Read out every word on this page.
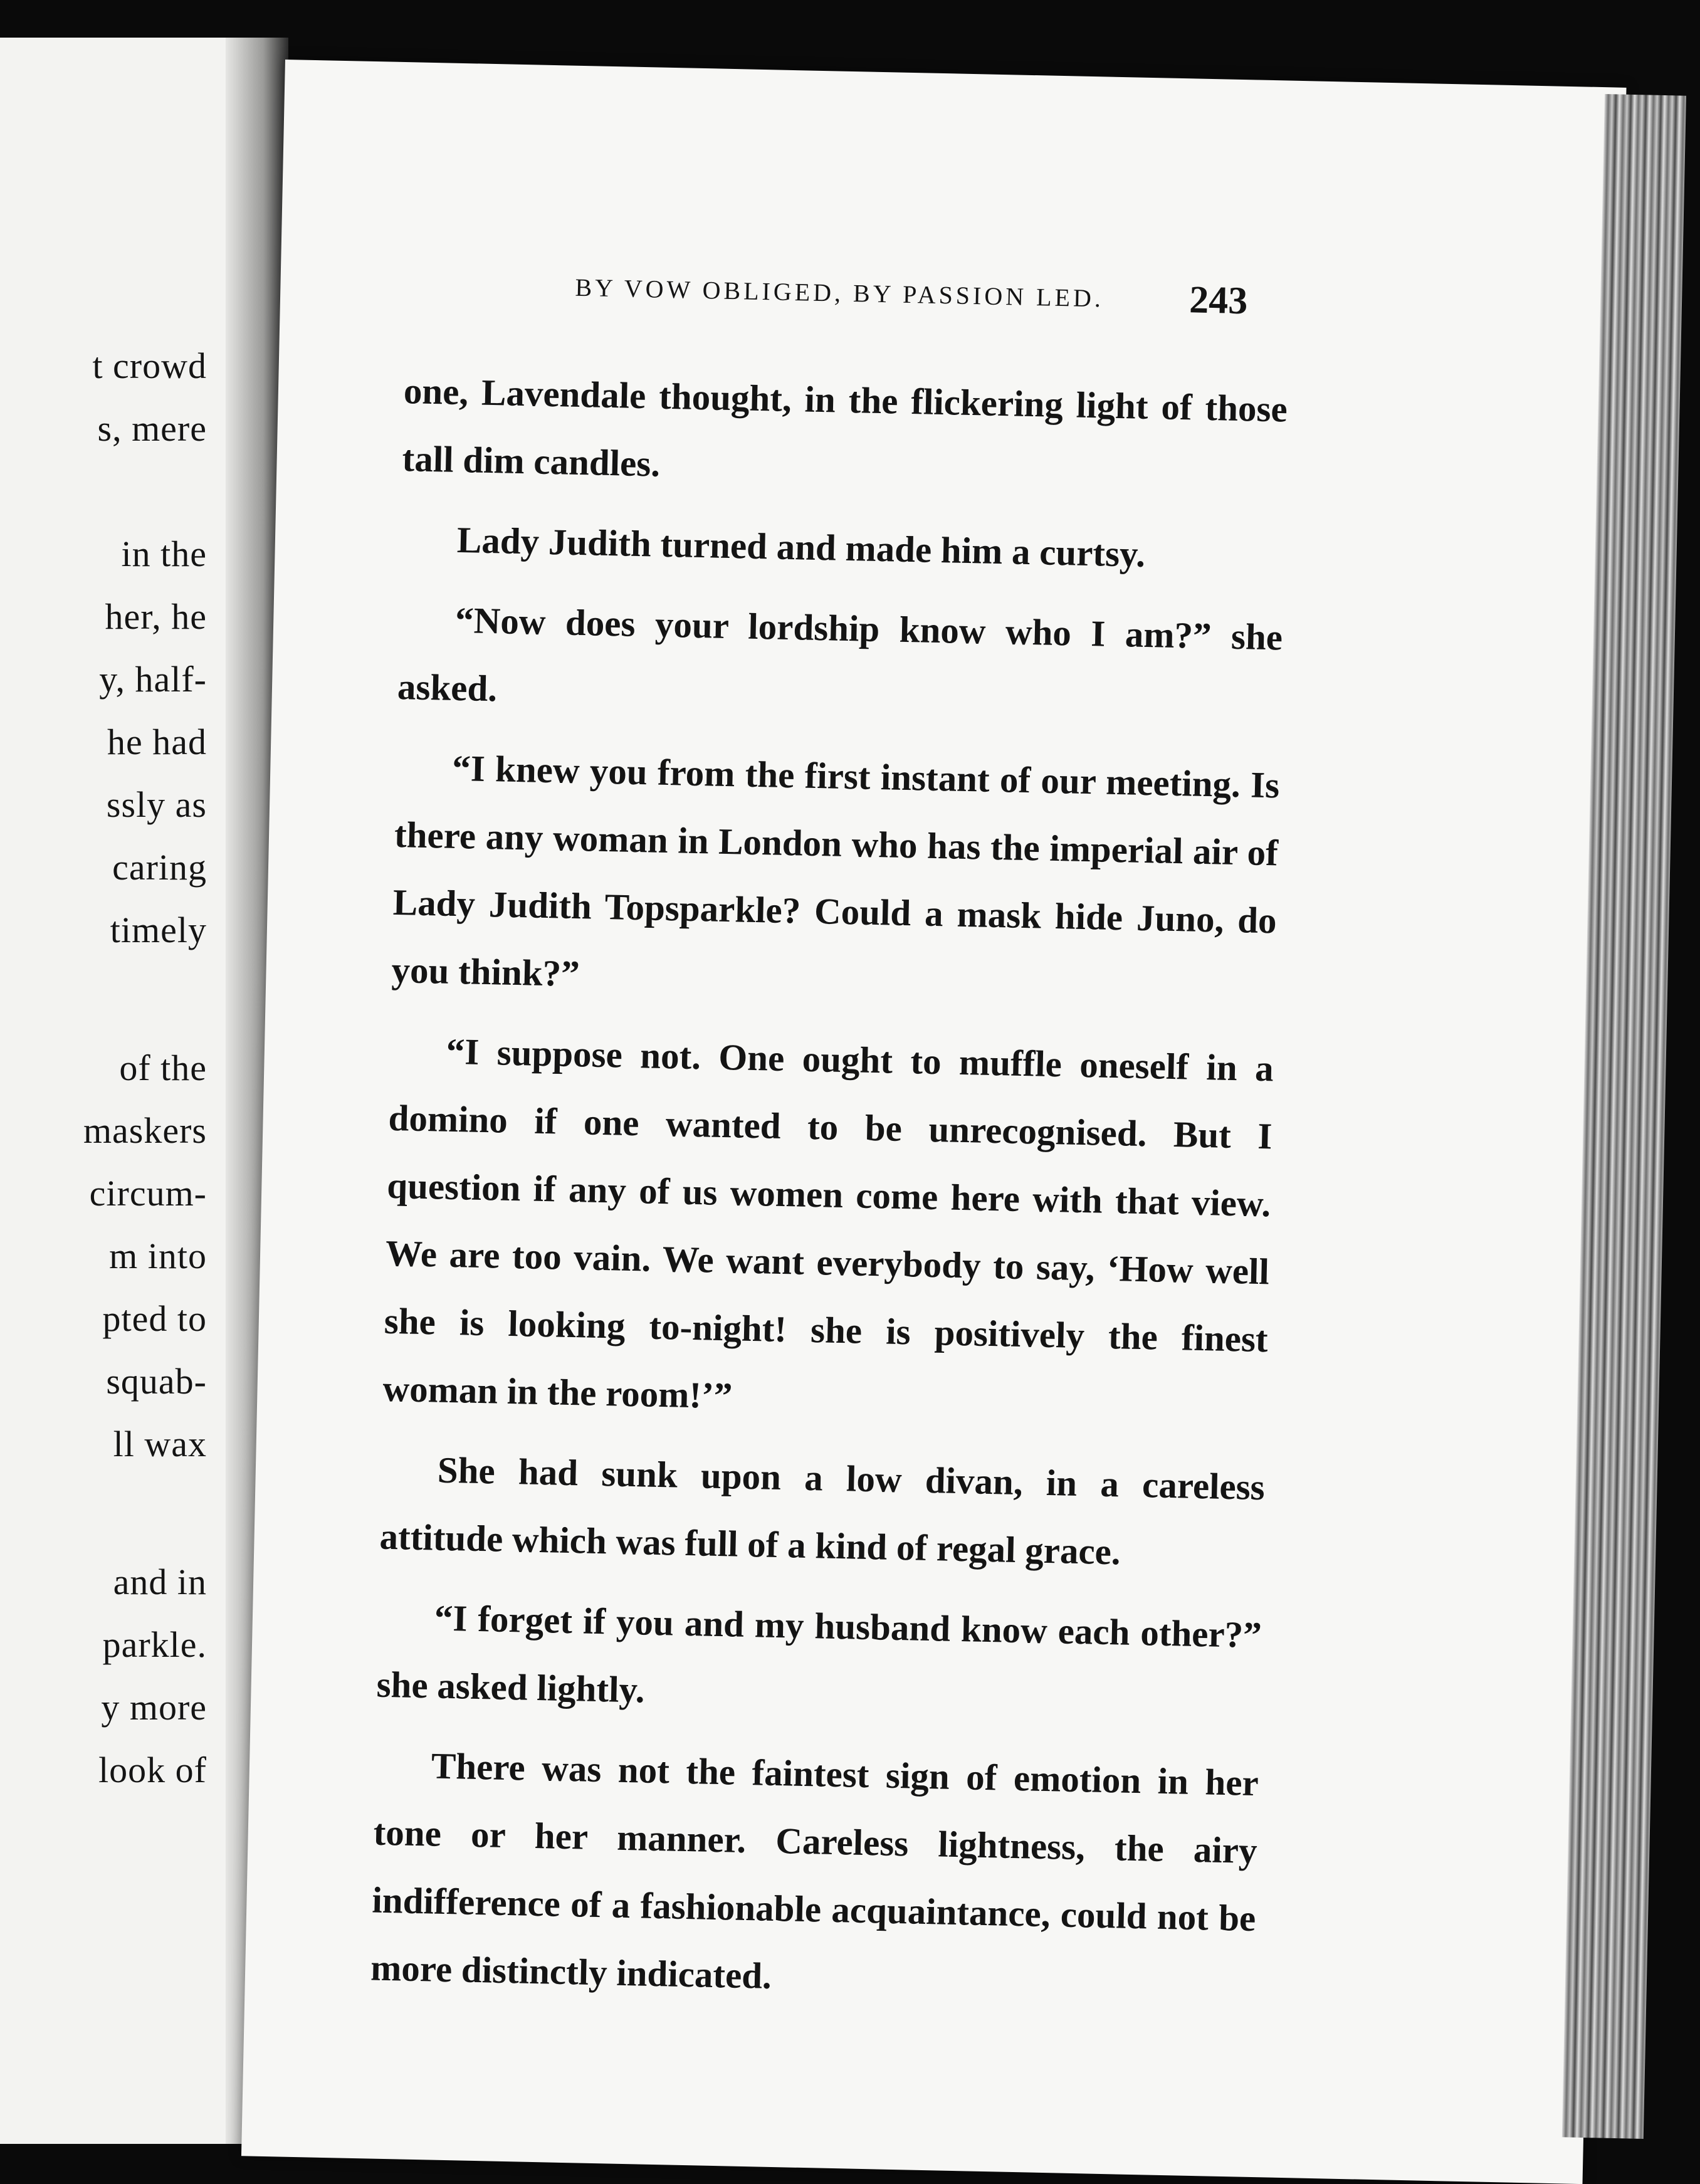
t crowd
s, mere
in the
her, he
y, half-
he had
ssly as
caring
timely
of the
maskers
circum-
m into
pted to
squab-
ll wax
and in
parkle.
y more
look of
BY VOW OBLIGED, BY PASSION LED. 243

one, Lavendale thought, in the flickering light of those tall dim candles.

Lady Judith turned and made him a curtsy.

“Now does your lordship know who I am?” she asked.

“I knew you from the first instant of our meeting. Is there any woman in London who has the imperial air of Lady Judith Topsparkle? Could a mask hide Juno, do you think?”

“I suppose not. One ought to muffle oneself in a domino if one wanted to be unrecognised. But I question if any of us women come here with that view. We are too vain. We want everybody to say, ‘How well she is looking to-night! she is positively the finest woman in the room!’”

She had sunk upon a low divan, in a careless attitude which was full of a kind of regal grace.

“I forget if you and my husband know each other?” she asked lightly.

There was not the faintest sign of emotion in her tone or her manner. Careless lightness, the airy indifference of a fashionable acquaintance, could not be more distinctly indicated.
